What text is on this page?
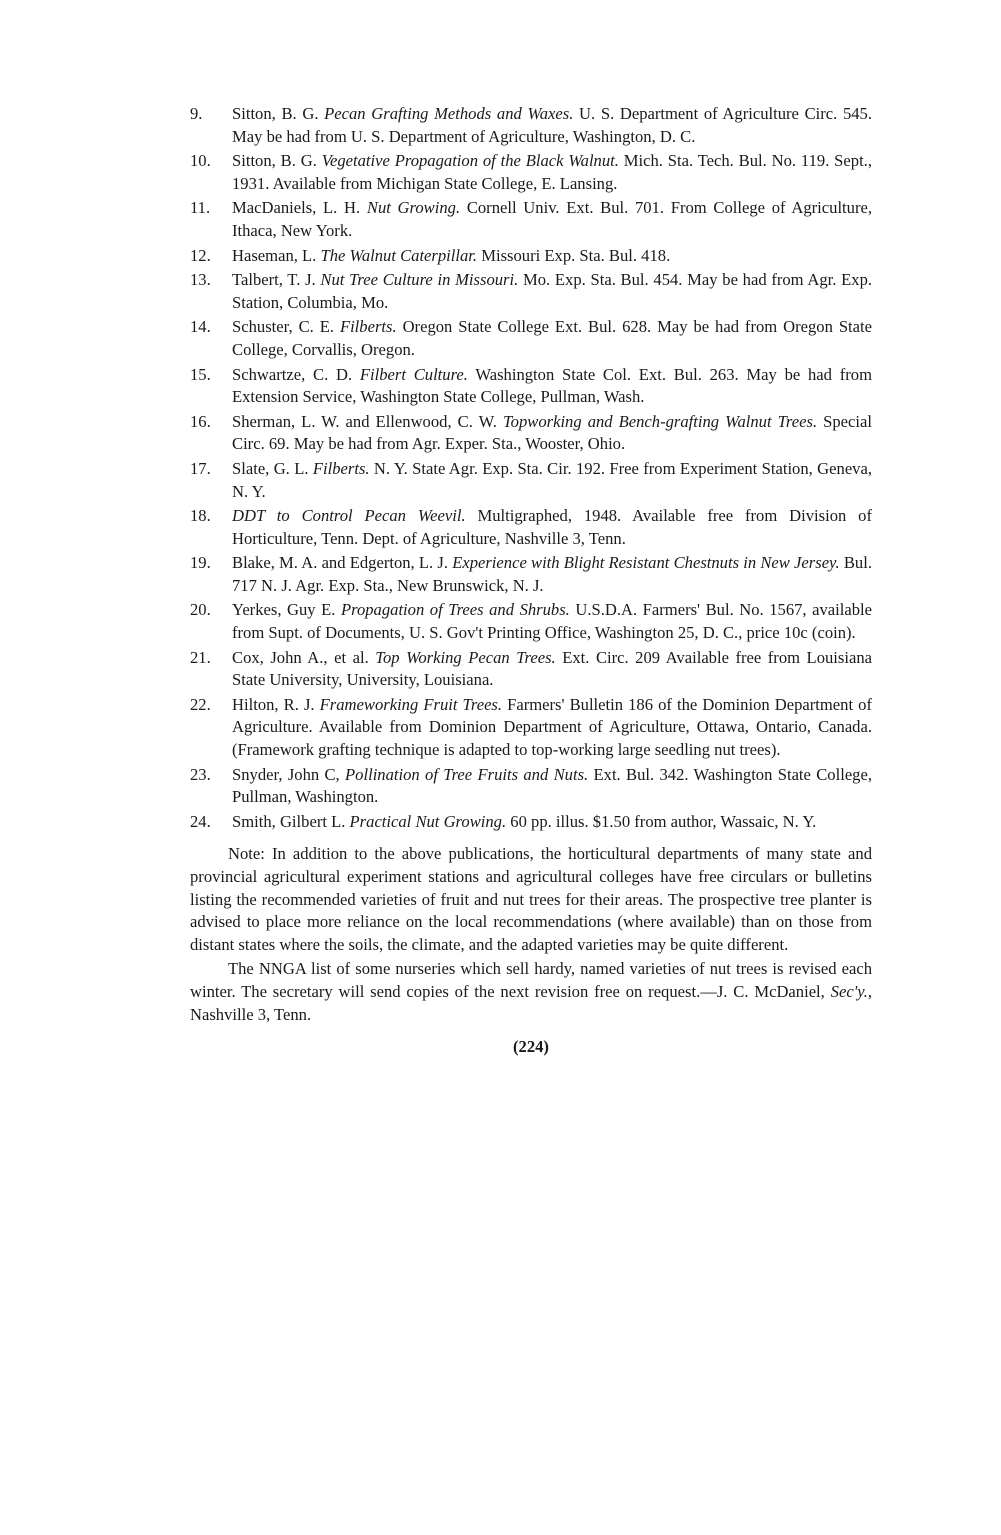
9.	Sitton, B. G. Pecan Grafting Methods and Waxes. U. S. Department of Agriculture Circ. 545. May be had from U. S. Department of Agriculture, Washington, D. C.
10.	Sitton, B. G. Vegetative Propagation of the Black Walnut. Mich. Sta. Tech. Bul. No. 119. Sept., 1931. Available from Michigan State College, E. Lansing.
11.	MacDaniels, L. H. Nut Growing. Cornell Univ. Ext. Bul. 701. From College of Agriculture, Ithaca, New York.
12.	Haseman, L. The Walnut Caterpillar. Missouri Exp. Sta. Bul. 418.
13.	Talbert, T. J. Nut Tree Culture in Missouri. Mo. Exp. Sta. Bul. 454. May be had from Agr. Exp. Station, Columbia, Mo.
14.	Schuster, C. E. Filberts. Oregon State College Ext. Bul. 628. May be had from Oregon State College, Corvallis, Oregon.
15.	Schwartze, C. D. Filbert Culture. Washington State Col. Ext. Bul. 263. May be had from Extension Service, Washington State College, Pullman, Wash.
16.	Sherman, L. W. and Ellenwood, C. W. Topworking and Bench-grafting Walnut Trees. Special Circ. 69. May be had from Agr. Exper. Sta., Wooster, Ohio.
17.	Slate, G. L. Filberts. N. Y. State Agr. Exp. Sta. Cir. 192. Free from Experiment Station, Geneva, N. Y.
18.	DDT to Control Pecan Weevil. Multigraphed, 1948. Available free from Division of Horticulture, Tenn. Dept. of Agriculture, Nashville 3, Tenn.
19.	Blake, M. A. and Edgerton, L. J. Experience with Blight Resistant Chestnuts in New Jersey. Bul. 717 N. J. Agr. Exp. Sta., New Brunswick, N. J.
20.	Yerkes, Guy E. Propagation of Trees and Shrubs. U.S.D.A. Farmers' Bul. No. 1567, available from Supt. of Documents, U. S. Gov't Printing Office, Washington 25, D. C., price 10c (coin).
21.	Cox, John A., et al. Top Working Pecan Trees. Ext. Circ. 209 Available free from Louisiana State University, University, Louisiana.
22.	Hilton, R. J. Frameworking Fruit Trees. Farmers' Bulletin 186 of the Dominion Department of Agriculture. Available from Dominion Department of Agriculture, Ottawa, Ontario, Canada. (Framework grafting technique is adapted to top-working large seedling nut trees).
23.	Snyder, John C, Pollination of Tree Fruits and Nuts. Ext. Bul. 342. Washington State College, Pullman, Washington.
24.	Smith, Gilbert L. Practical Nut Growing. 60 pp. illus. $1.50 from author, Wassaic, N. Y.

Note: In addition to the above publications, the horticultural departments of many state and provincial agricultural experiment stations and agricultural colleges have free circulars or bulletins listing the recommended varieties of fruit and nut trees for their areas. The prospective tree planter is advised to place more reliance on the local recommendations (where available) than on those from distant states where the soils, the climate, and the adapted varieties may be quite different.

The NNGA list of some nurseries which sell hardy, named varieties of nut trees is revised each winter. The secretary will send copies of the next revision free on request.—J. C. McDaniel, Sec'y., Nashville 3, Tenn.

(224)
